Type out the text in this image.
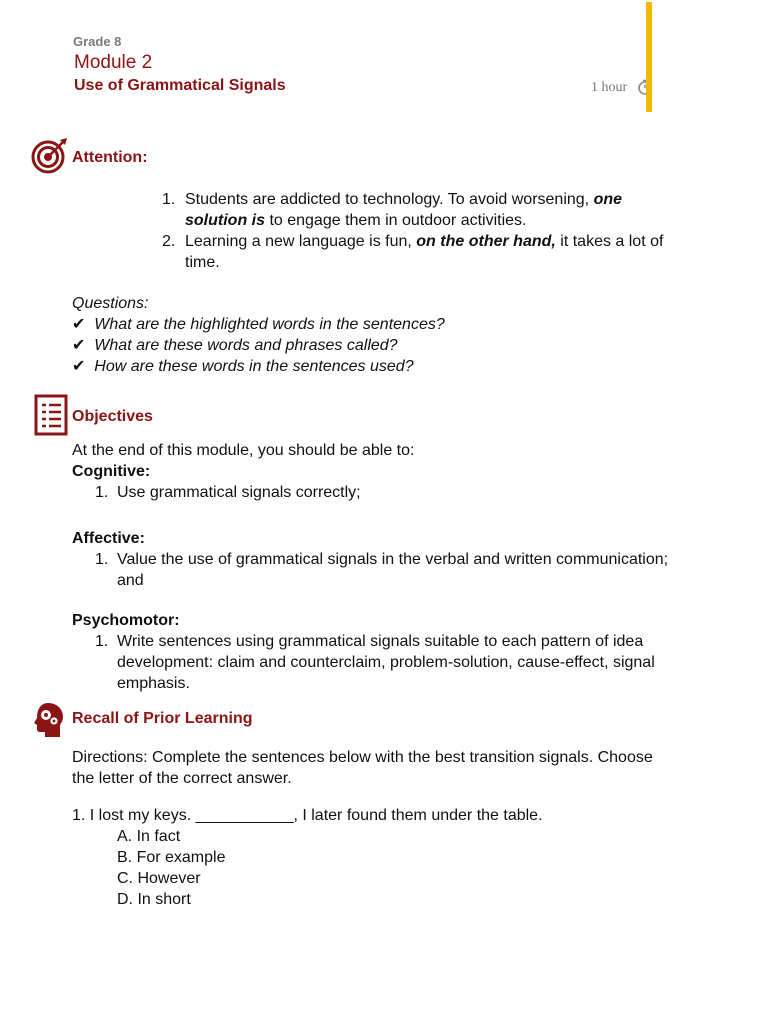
Grade 8
Module 2
Use of Grammatical Signals	1 hour
Attention:
1. Students are addicted to technology. To avoid worsening, one
solution is to engage them in outdoor activities.
2. Learning a new language is fun, on the other hand, it takes a lot of
time.
Questions:
✔ What are the highlighted words in the sentences?
✔ What are these words and phrases called?
✔ How are these words in the sentences used?
Objectives
At the end of this module, you should be able to:
Cognitive:
1. Use grammatical signals correctly;
Affective:
1. Value the use of grammatical signals in the verbal and written communication;
and
Psychomotor:
1. Write sentences using grammatical signals suitable to each pattern of idea
development: claim and counterclaim, problem-solution, cause-effect, signal
emphasis.
Recall of Prior Learning
Directions: Complete the sentences below with the best transition signals. Choose
the letter of the correct answer.
1. I lost my keys. ___________, I later found them under the table.
A. In fact
B. For example
C. However
D. In short
